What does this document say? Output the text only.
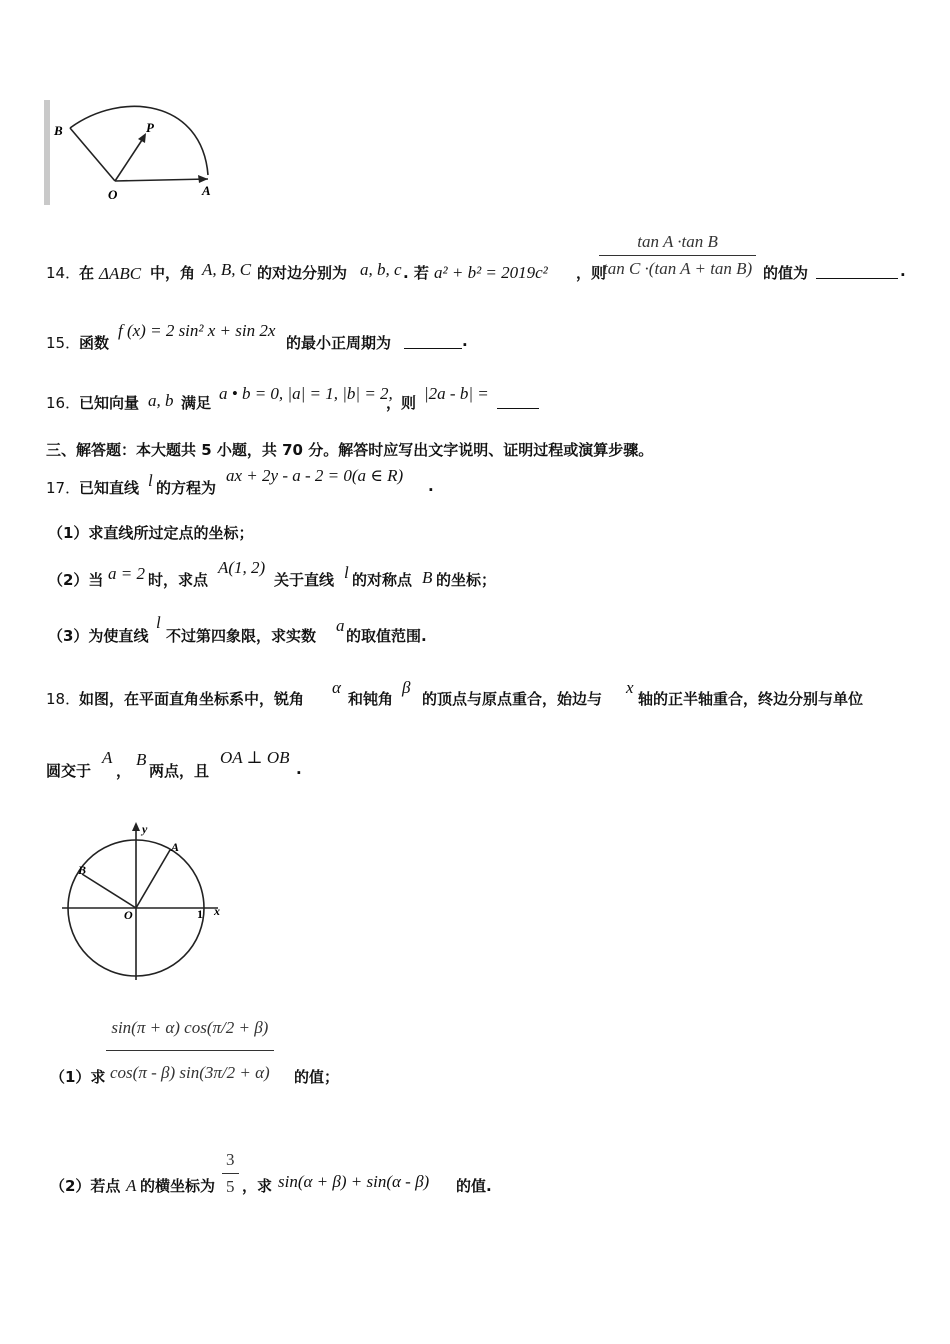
B	P
O	A
14．
在 ΔABC 中，角 A, B, C 的对边分别为 a, b, c . 若 a² + b² = 2019c² ，则
$\frac{\text{tan A ·tan B}}{\text{tan C ·(tan A + tan B)}}$ 的值为	.
15．
函数
f (x) = 2 sin² x + sin 2x
的最小正周期为	.
16．
已知向量 a, b 满足 a • b = 0, |a| = 1, |b| = 2,
，则 |2a - b| =
三、解答题：本大题共 5 小题，共 70 分。解答时应写出文字说明、证明过程或演算步骤。
17．
已知直线 l 的方程为
ax + 2y - a - 2 = 0(a ∈ R)
.
（1）求直线所过定点的坐标；
（2）当 a = 2 时，求点
A(1, 2)
关于直线 l 的对称点 B 的坐标；
（3）为使直线
l
不过第四象限，求实数
a
的取值范围.
18．
如图，在平面直角坐标系中，锐角
α
和钝角
β
的顶点与原点重合，始边与
x
轴的正半轴重合，终边分别与单位
圆交于
A
，
B
两点，且
OA ⊥ OB
.
y
A
B
O	1 x
（1）求 $\frac{\sin(\pi + \alpha) \cos(\pi/2 + \beta)}{\cos(\pi - \beta) \sin(3\pi/2 + \alpha)}$ 的值；
（2）若点 A 的横坐标为 $\frac{3}{5}$ ，求 sin(α + β) + sin(α - β) 的值.
